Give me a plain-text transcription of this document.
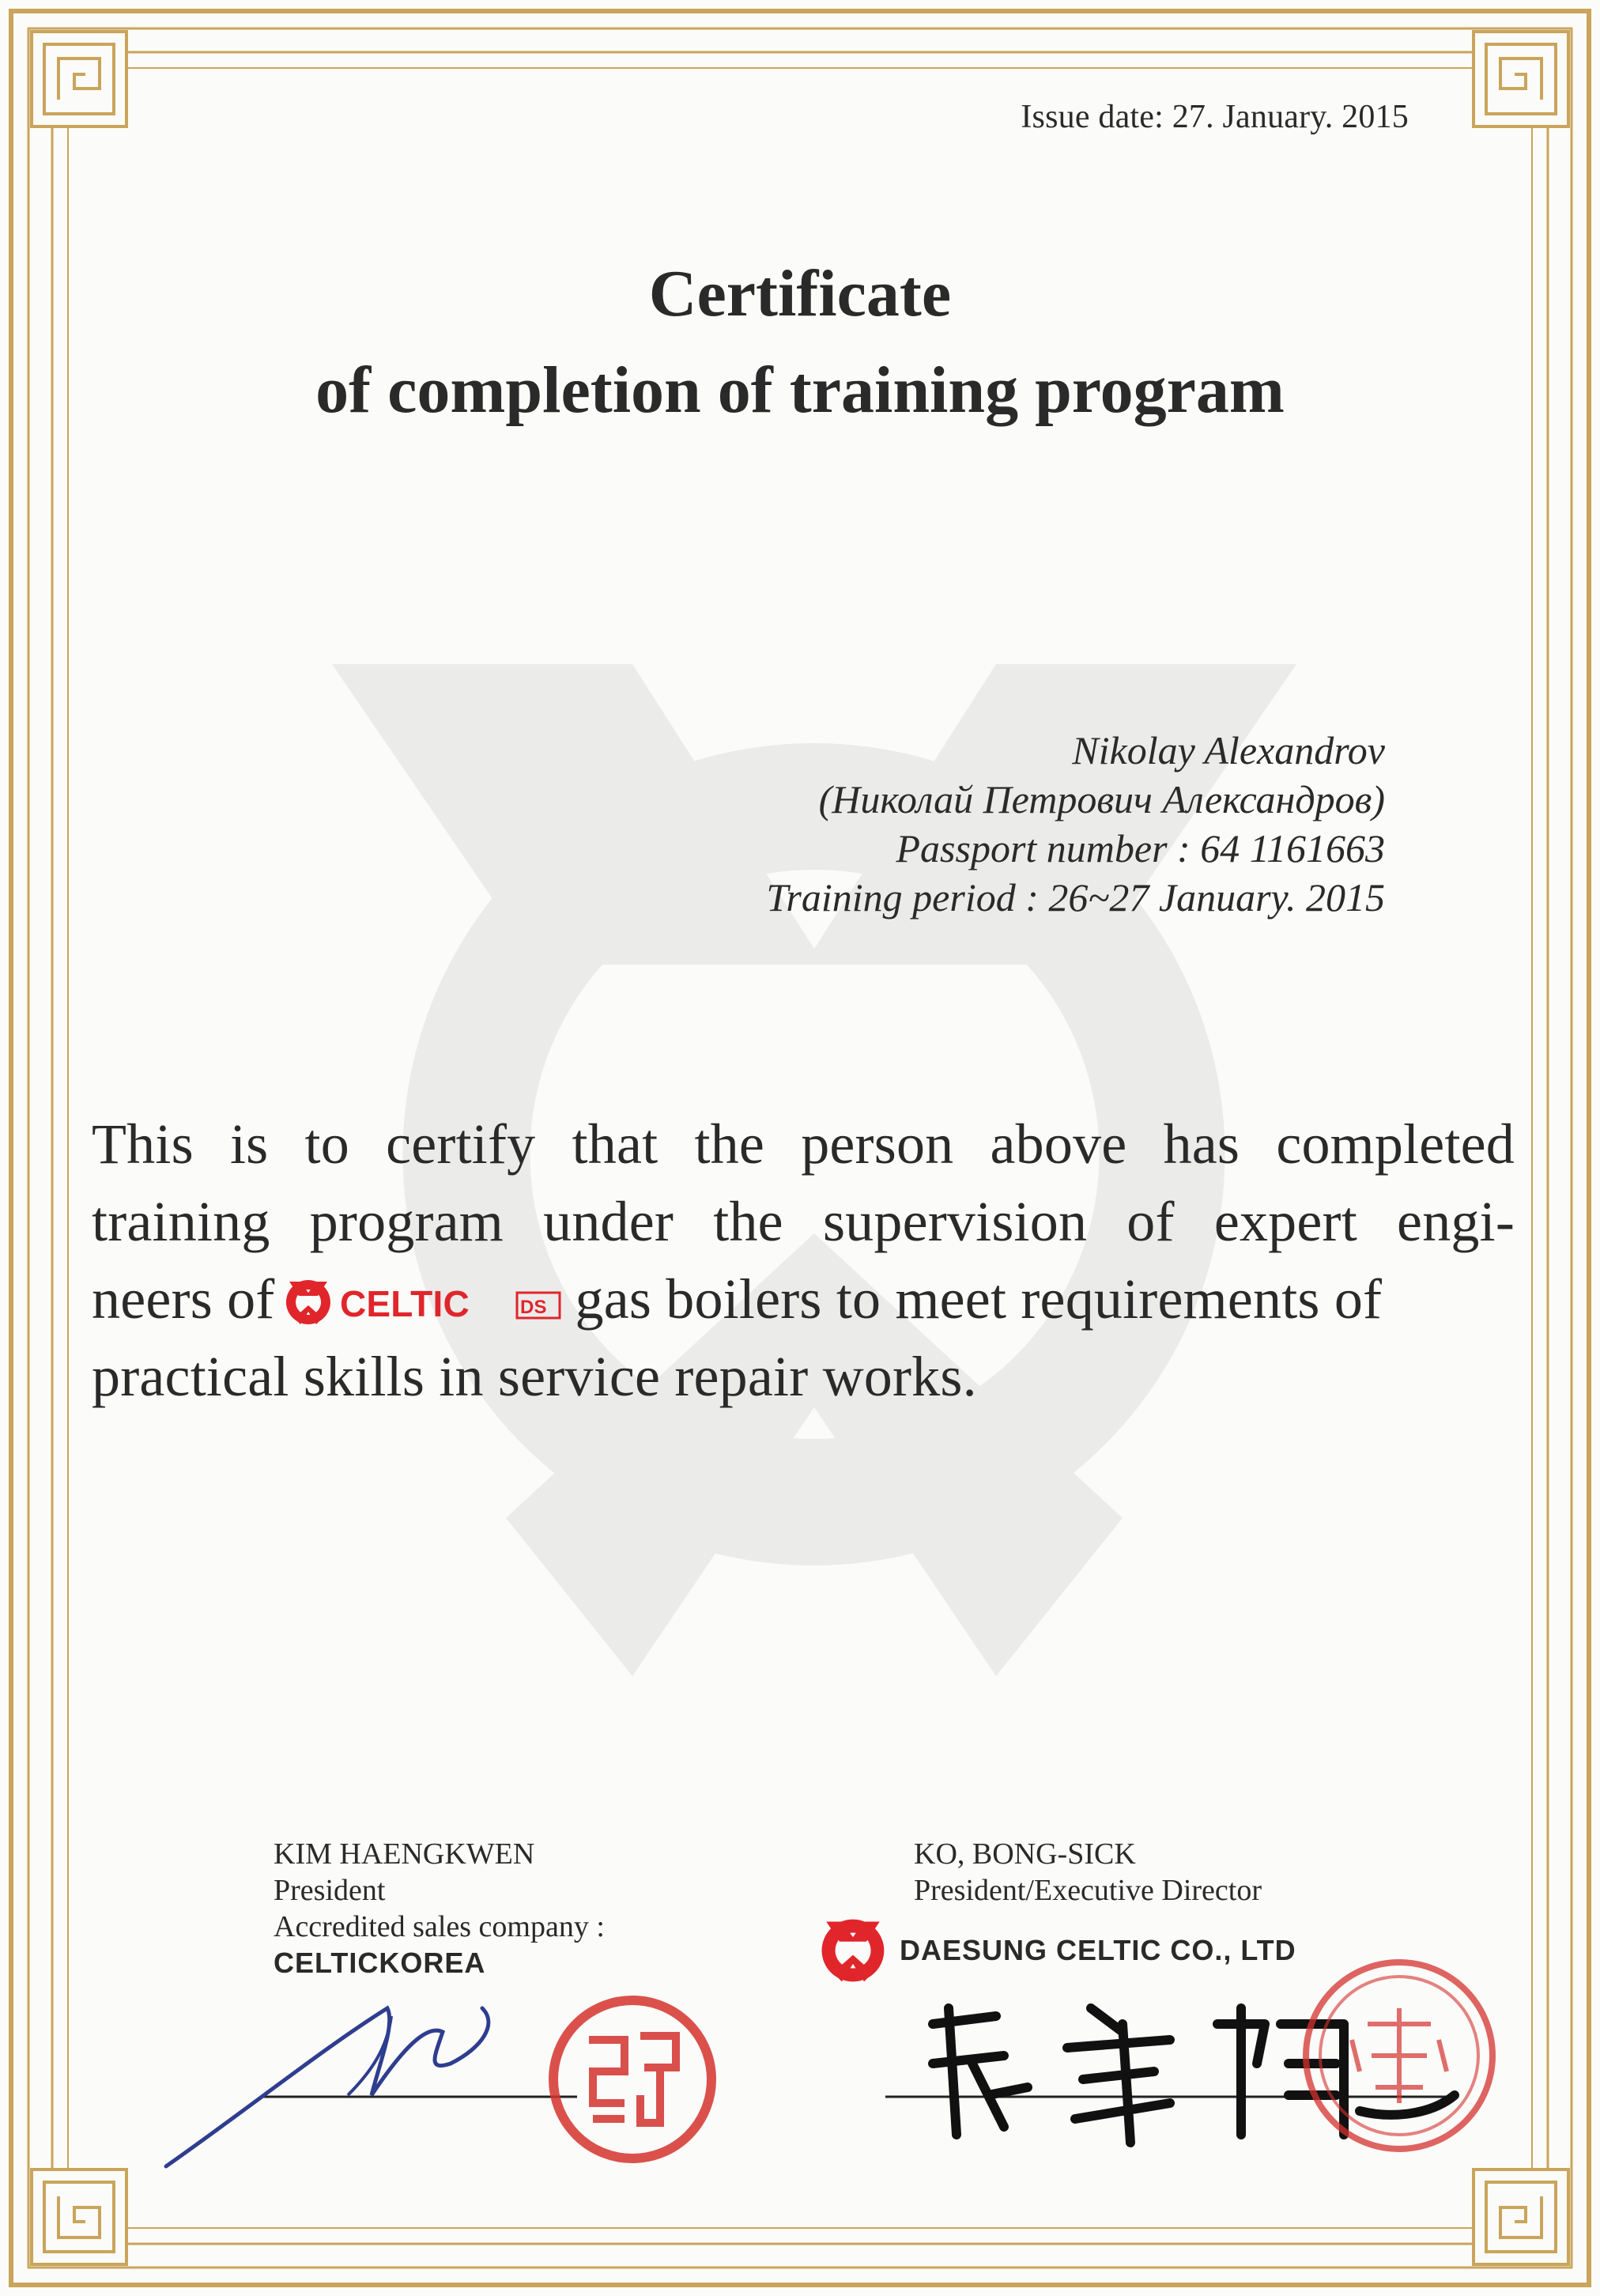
Issue date: 27. January. 2015
Certificate
of completion of training program
Nikolay Alexandrov
(Николай Петрович Александров)
Passport number : 64 1161663
Training period : 26~27 January. 2015
This is to certify that the person above has completed
training program under the supervision of expert engi-
neers of CELTIC	DS gas boilers to meet requirements of
practical skills in service repair works.
KIM HAENGKWEN
President
Accredited sales company :
CELTICKOREA
KO, BONG-SICK
President/Executive Director
DAESUNG CELTIC CO., LTD
